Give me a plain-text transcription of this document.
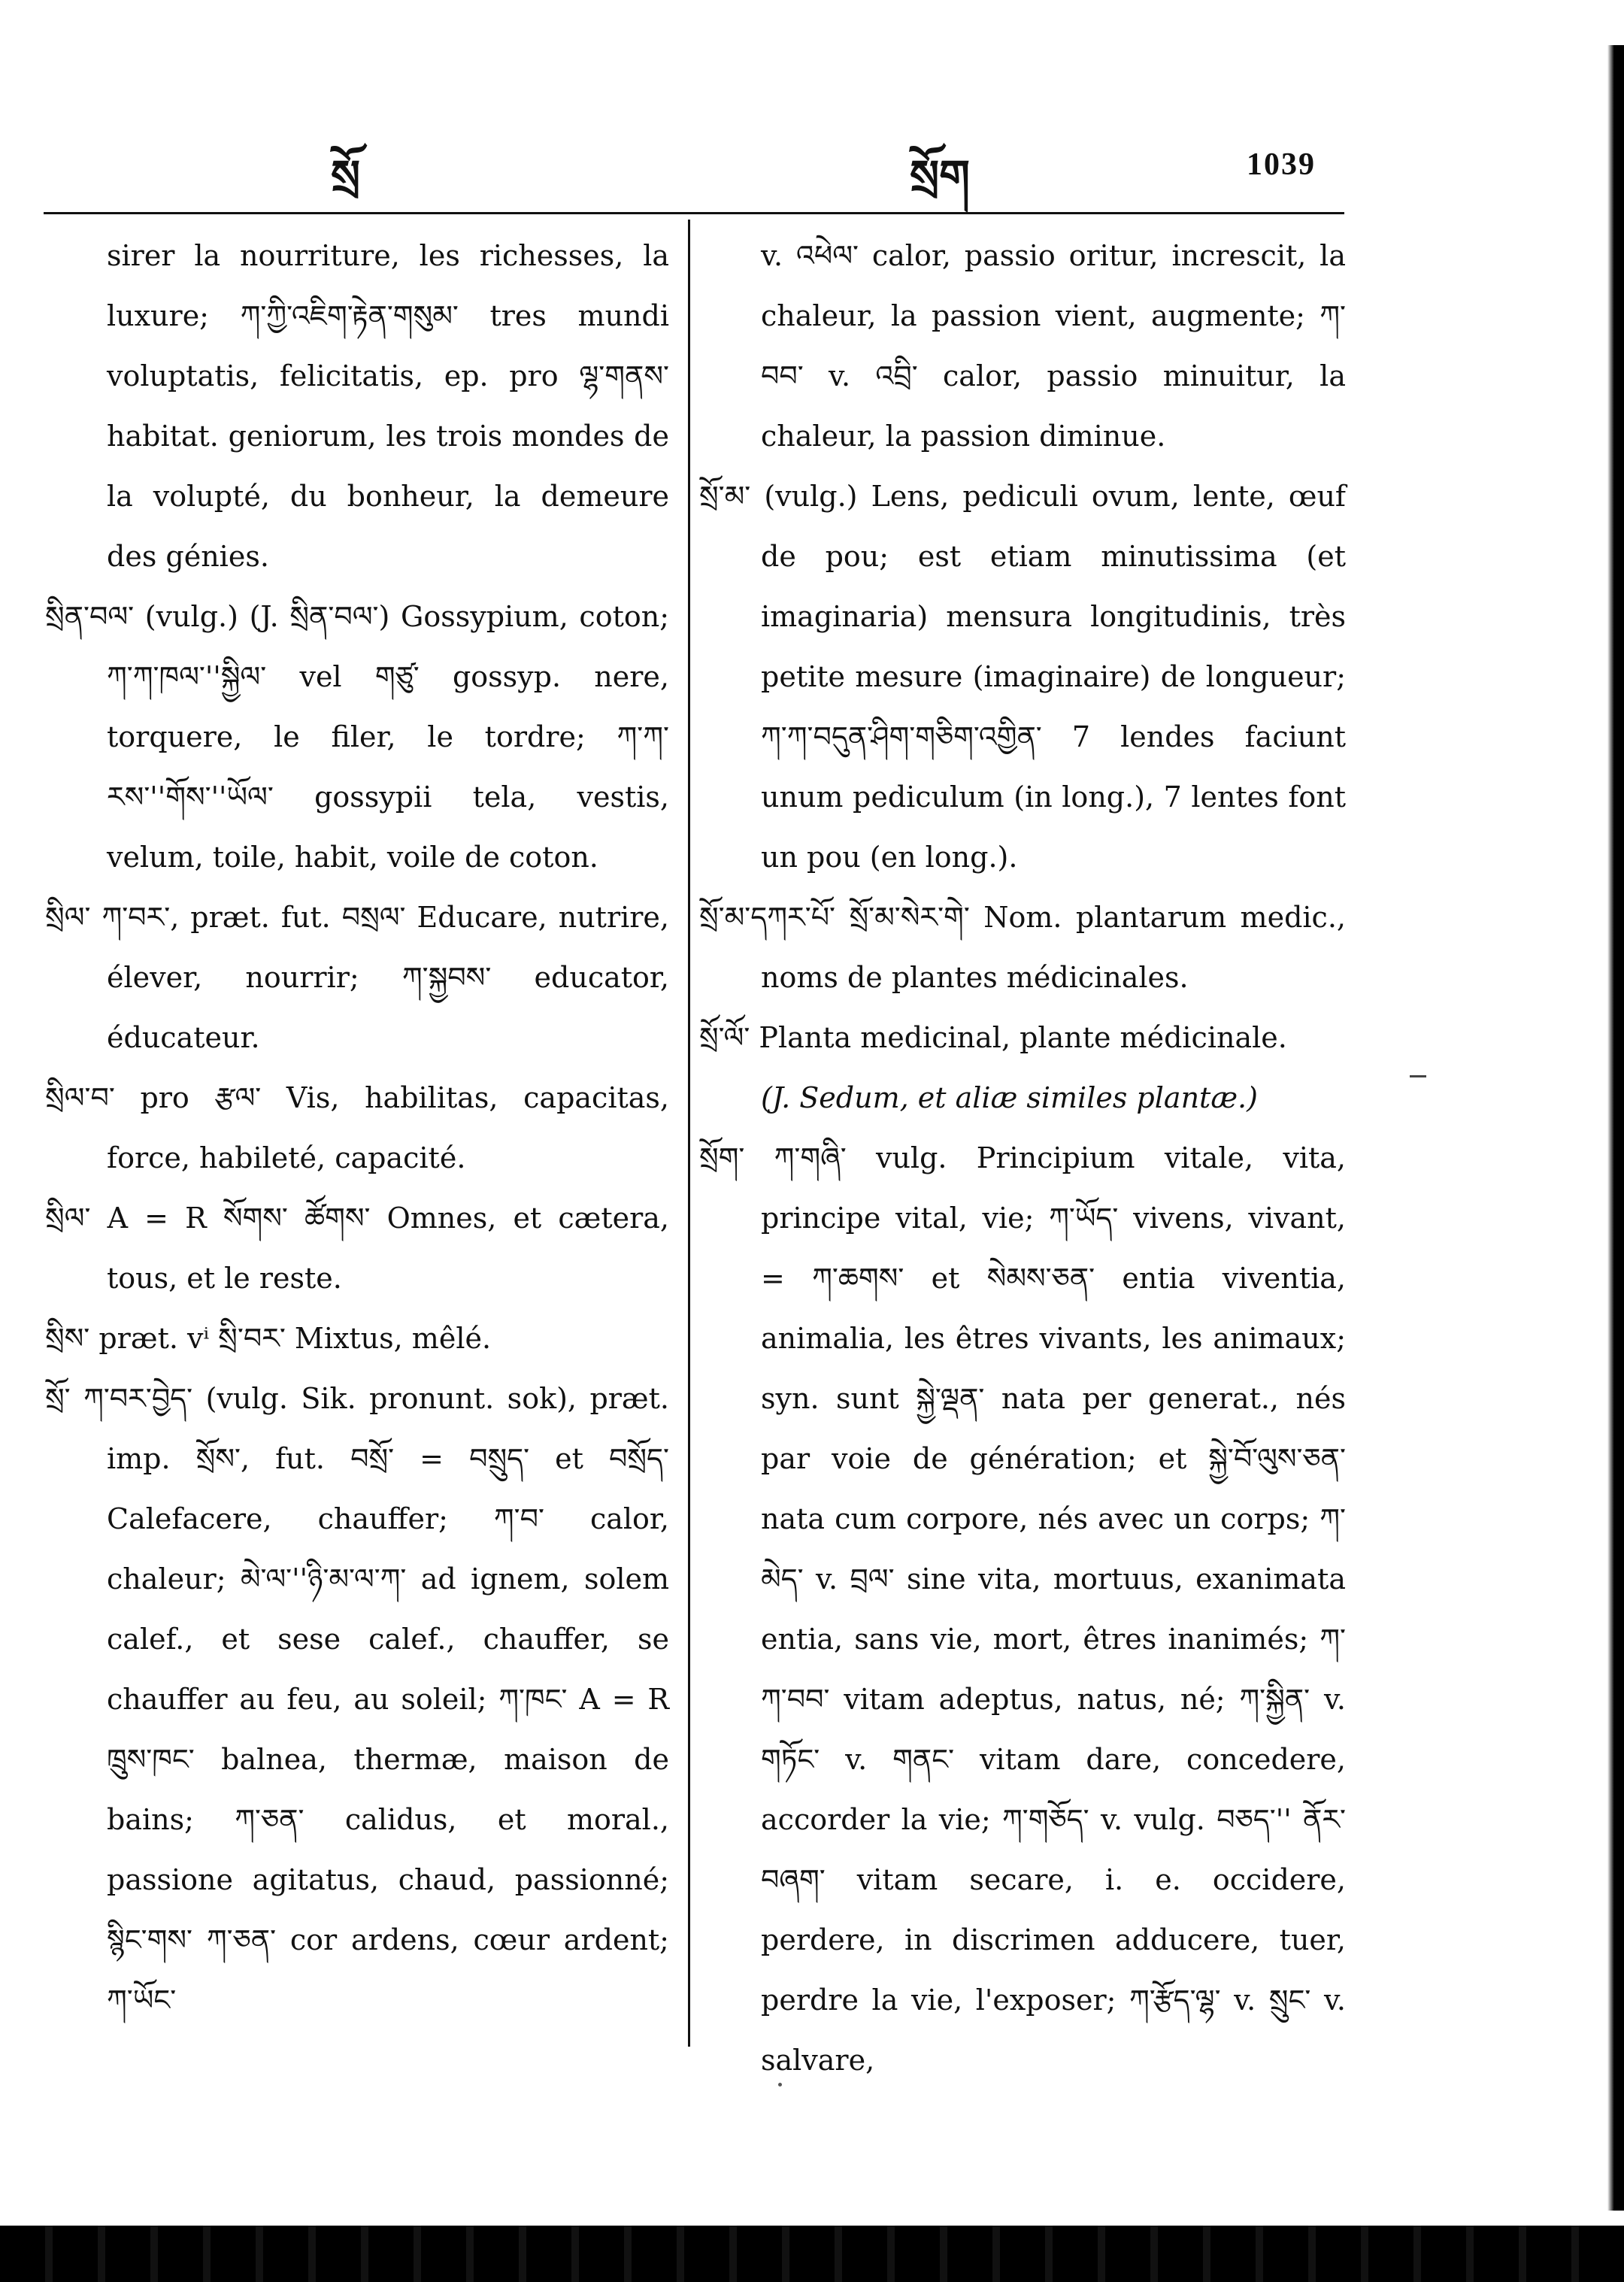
སྲོ	སྲོག	1039

sirer la nourriture, les richesses, la luxure; ཀ་ཀྱི་འཇིག་རྟེན་གསུམ་ tres mundi voluptatis, felicitatis, ep. pro ལྷ་གནས་ habitat. geniorum, les trois mondes de la volupté, du bonheur, la demeure des génies.

སྲིན་བལ་ (vulg.) (J. སྲིན་བལ་) Gossypium, coton; ཀ་ཀ་ཁལ་''སྐྱིལ་ vel གཙུ་ gossyp. nere, torquere, le filer, le tordre; ཀ་ཀ་རས་''གོས་''ཡོལ་ gossypii tela, vestis, velum, toile, habit, voile de coton.

སྲིལ་ ཀ་བར་, præt. fut. བསྲལ་ Educare, nutrire, élever, nourrir; ཀ་སྐྱབས་ educator, éducateur.

སྲིལ་བ་ pro རྩལ་ Vis, habilitas, capacitas, force, habileté, capacité.

སྲིལ་ A = R སོགས་ ཚོགས་ Omnes, et cætera, tous, et le reste.

སྲིས་ præt. vⁱ སྲི་བར་ Mixtus, mêlé.

སྲོ་ ཀ་བར་བྱེད་ (vulg. Sik. pronunt. sok), præt. imp. སྲོས་, fut. བསྲོ་ = བསྲུད་ et བསྲོད་ Calefacere, chauffer; ཀ་བ་ calor, chaleur; མེ་ལ་''ཉི་མ་ལ་ཀ་ ad ignem, solem calef., et sese calef., chauffer, se chauffer au feu, au soleil; ཀ་ཁང་ A = R ཁྲུས་ཁང་ balnea, thermæ, maison de bains; ཀ་ཅན་ calidus, et moral., passione agitatus, chaud, passionné; སྙིང་གས་ ཀ་ཅན་ cor ardens, cœur ardent; ཀ་ཡོང་

v. འཕེལ་ calor, passio oritur, increscit, la chaleur, la passion vient, augmente; ཀ་བབ་ v. འབྲི་ calor, passio minuitur, la chaleur, la passion diminue.

སྲོ་མ་ (vulg.) Lens, pediculi ovum, lente, œuf de pou; est etiam minutissima (et imaginaria) mensura longitudinis, très petite mesure (imaginaire) de longueur; ཀ་ཀ་བདུན་ཤིག་གཅིག་འགྱིན་ 7 lendes faciunt unum pediculum (in long.), 7 lentes font un pou (en long.).

སྲོ་མ་དཀར་པོ་ སྲོ་མ་སེར་གེ་ Nom. plantarum medic., noms de plantes médicinales.

སྲོ་ལོ་ Planta medicinal, plante médicinale.

(J. Sedum, et aliæ similes plantæ.)

སྲོག་ ཀ་གཞི་ vulg. Principium vitale, vita, principe vital, vie; ཀ་ཡོད་ vivens, vivant, = ཀ་ཆགས་ et སེམས་ཅན་ entia viventia, animalia, les êtres vivants, les animaux; syn. sunt སྐྱེ་ལྡན་ nata per generat., nés par voie de génération; et སྐྱེ་བོ་ལུས་ཅན་ nata cum corpore, nés avec un corps; ཀ་མེད་ v. བྲལ་ sine vita, mortuus, exanimata entia, sans vie, mort, êtres inanimés; ཀ་ཀ་བབ་ vitam adeptus, natus, né; ཀ་སྐྱིན་ v. གཏོང་ v. གནང་ vitam dare, concedere, accorder la vie; ཀ་གཅོད་ v. vulg. བཅད་'' ནོར་བཞག་ vitam secare, i. e. occidere, perdere, in discrimen adducere, tuer, perdre la vie, l'exposer; ཀ་རྩོད་ལྷ་ v. སྲུང་ v. salvare,
